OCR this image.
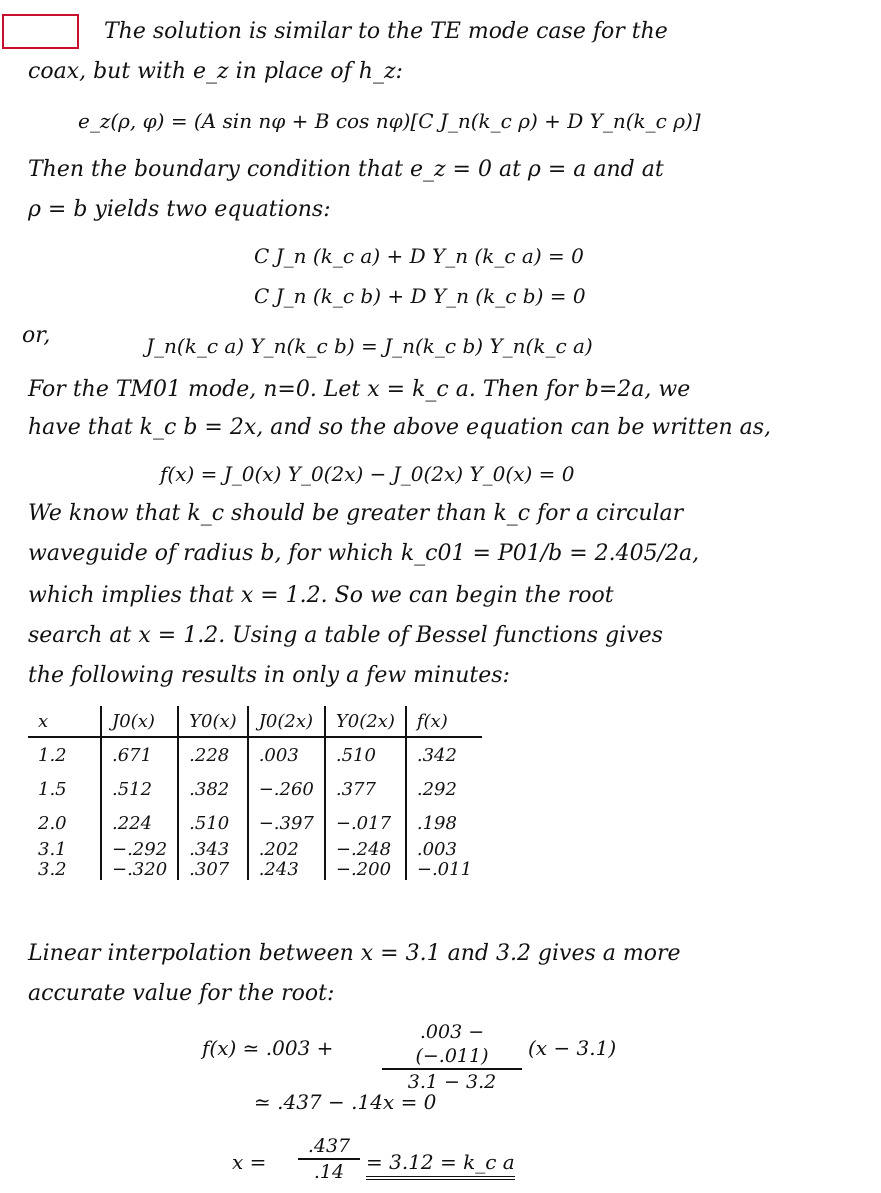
The solution is similar to the TE mode case for the
coax, but with e_z in place of h_z:
e_z(ρ, φ) = (A sin nφ + B cos nφ)[C J_n(k_c ρ) + D Y_n(k_c ρ)]
Then the boundary condition that e_z = 0 at ρ = a and at
ρ = b yields two equations:
C J_n (k_c a) + D Y_n (k_c a) = 0
C J_n (k_c b) + D Y_n (k_c b) = 0
or,	J_n(k_c a) Y_n(k_c b) = J_n(k_c b) Y_n(k_c a)
For the TM01 mode, n=0. Let x = k_c a. Then for b=2a, we
have that k_c b = 2x, and so the above equation can be written as,
f(x) = J_0(x) Y_0(2x) − J_0(2x) Y_0(x) = 0
We know that k_c should be greater than k_c for a circular
waveguide of radius b, for which k_c01 = P01/b = 2.405/2a,
which implies that x = 1.2. So we can begin the root
search at x = 1.2. Using a table of Bessel functions gives
the following results in only a few minutes:
x	J0(x)	Y0(x)	J0(2x)	Y0(2x)	f(x)
1.2	.671	.228	.003	.510	.342
1.5	.512	.382	−.260	.377	.292
2.0	.224	.510	−.397	−.017	.198
3.1	−.292	.343	.202	−.248	.003
3.2	−.320	.307	.243	−.200	−.011
Linear interpolation between x = 3.1 and 3.2 gives a more
accurate value for the root:
f(x) ≃ .003 +	$\frac{.003 - (-.011)}{3.1 - 3.2} (x - 3.1)$
≃ .437 − .14x = 0
$x = \frac{.437}{.14} = 3.12$ = k_c a
